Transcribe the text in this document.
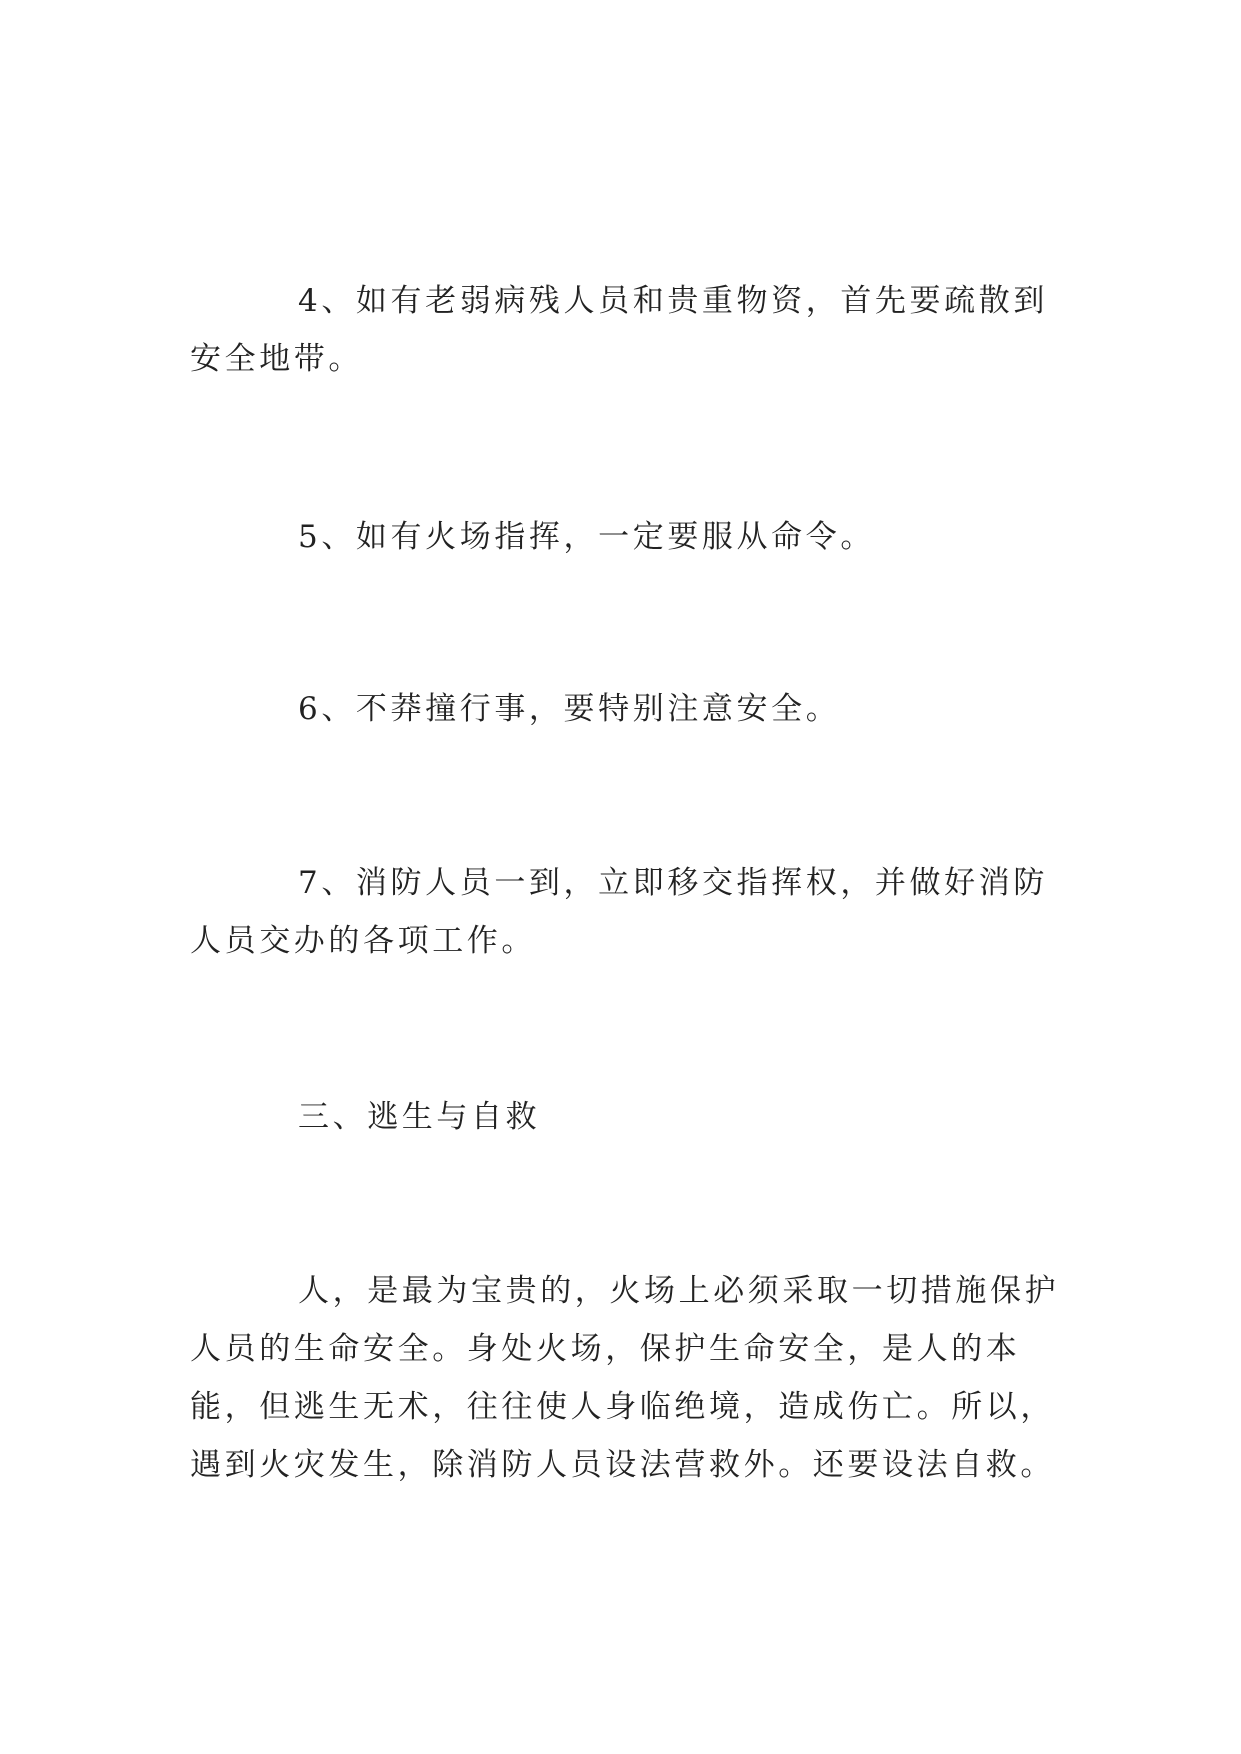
4、如有老弱病残人员和贵重物资，首先要疏散到安全地带。

5、如有火场指挥，一定要服从命令。

6、不莽撞行事，要特别注意安全。

7、消防人员一到，立即移交指挥权，并做好消防人员交办的各项工作。

三、逃生与自救

人，是最为宝贵的，火场上必须采取一切措施保护人员的生命安全。身处火场，保护生命安全，是人的本能，但逃生无术，往往使人身临绝境，造成伤亡。所以，遇到火灾发生，除消防人员设法营救外。还要设法自救。
